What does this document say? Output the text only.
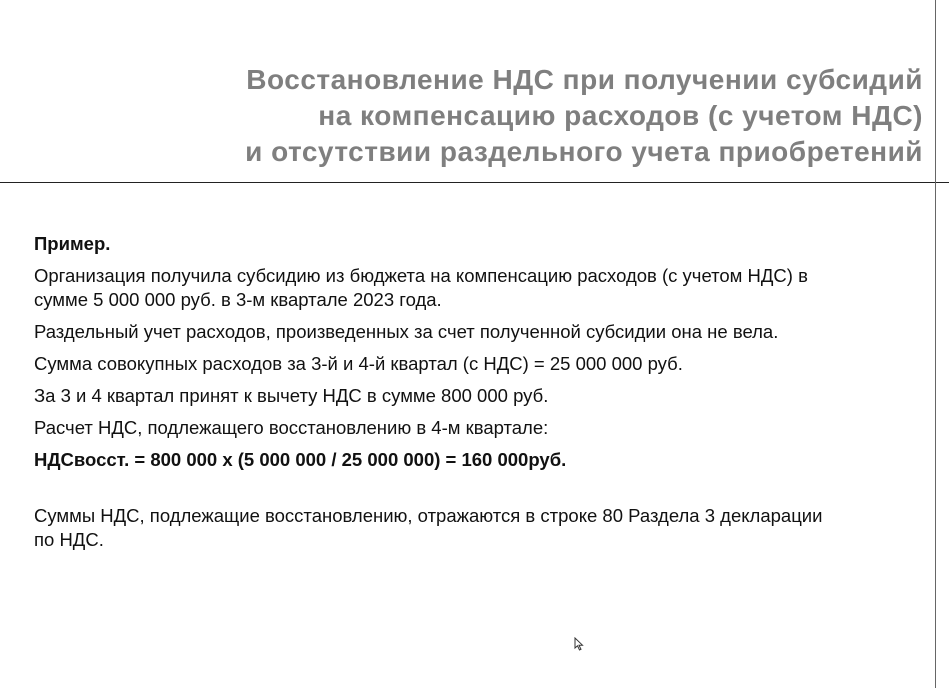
Восстановление НДС при получении субсидий
на компенсацию расходов (с учетом НДС)
и отсутствии раздельного учета приобретений

Пример.

Организация получила субсидию из бюджета на компенсацию расходов (с учетом НДС) в
сумме 5 000 000 руб. в 3-м квартале 2023 года.

Раздельный учет расходов, произведенных за счет полученной субсидии она не вела.

Сумма совокупных расходов за 3-й и 4-й квартал (с НДС) = 25 000 000 руб.

За 3 и 4 квартал принят к вычету НДС в сумме 800 000 руб.

Расчет НДС, подлежащего восстановлению в 4-м квартале:

НДСвосст. = 800 000 х (5 000 000 / 25 000 000) = 160 000руб.

Суммы НДС, подлежащие восстановлению, отражаются в строке 80 Раздела 3 декларации
по НДС.
